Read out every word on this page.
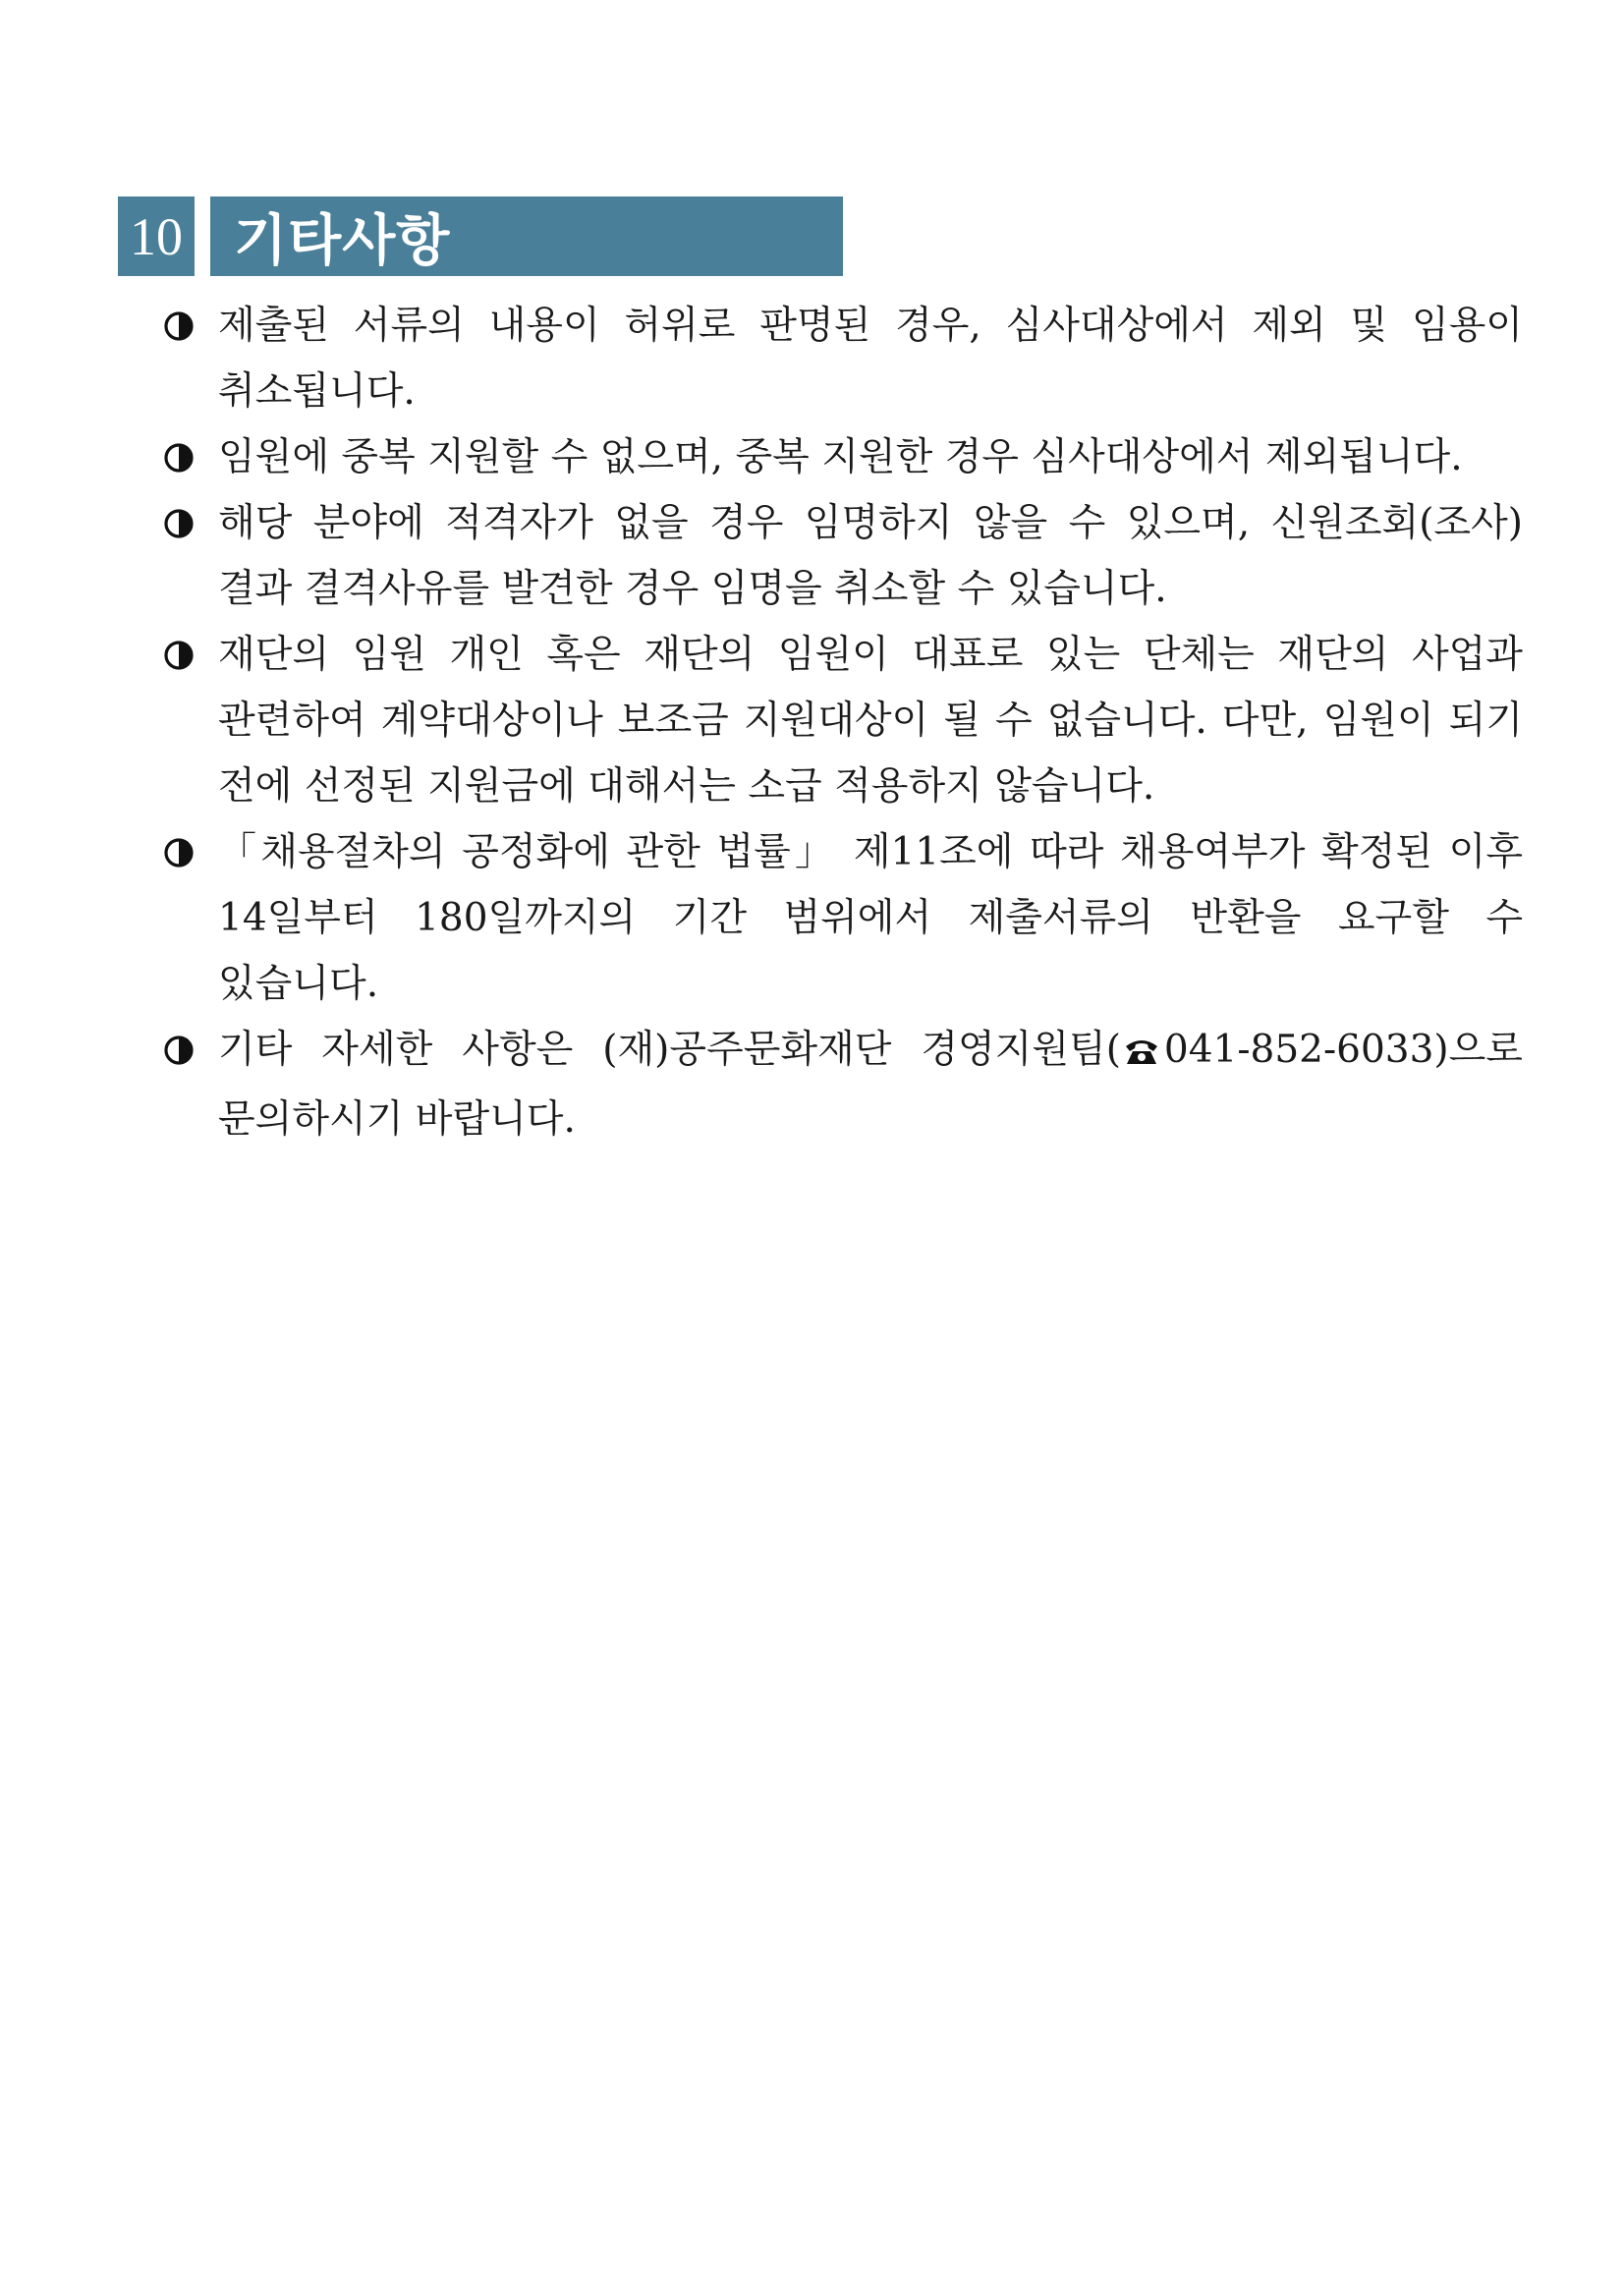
10 기타사항
제출된 서류의 내용이 허위로 판명된 경우, 심사대상에서 제외 및 임용이 취소됩니다.
임원에 중복 지원할 수 없으며, 중복 지원한 경우 심사대상에서 제외됩니다.
해당 분야에 적격자가 없을 경우 임명하지 않을 수 있으며, 신원조회(조사) 결과 결격사유를 발견한 경우 임명을 취소할 수 있습니다.
재단의 임원 개인 혹은 재단의 임원이 대표로 있는 단체는 재단의 사업과 관련하여 계약대상이나 보조금 지원대상이 될 수 없습니다. 다만, 임원이 되기 전에 선정된 지원금에 대해서는 소급 적용하지 않습니다.
「채용절차의 공정화에 관한 법률」 제11조에 따라 채용여부가 확정된 이후 14일부터 180일까지의 기간 범위에서 제출서류의 반환을 요구할 수 있습니다.
기타 자세한 사항은 (재)공주문화재단 경영지원팀( 041-852-6033)으로 문의하시기 바랍니다.
